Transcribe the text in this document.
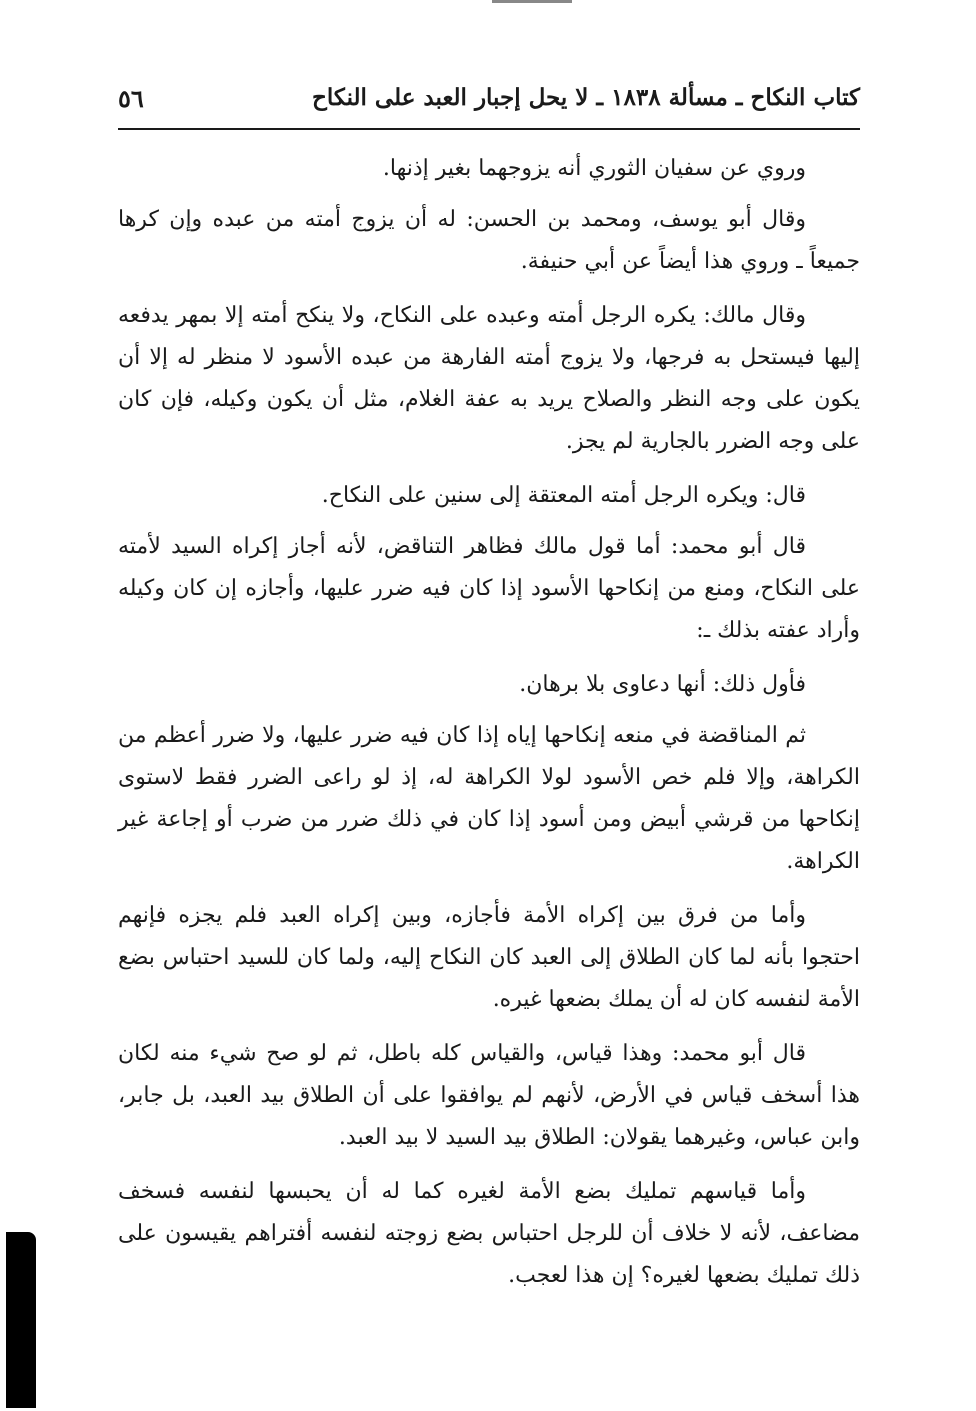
كتاب النكاح ـ مسألة ١٨٣٨ ـ لا يحل إجبار العبد على النكاح
٥٦

وروي عن سفيان الثوري أنه يزوجهما بغير إذنها.

وقال أبو يوسف، ومحمد بن الحسن: له أن يزوج أمته من عبده وإن كرها جميعاً ـ وروي هذا أيضاً عن أبي حنيفة.

وقال مالك: يكره الرجل أمته وعبده على النكاح، ولا ينكح أمته إلا بمهر يدفعه إليها فيستحل به فرجها، ولا يزوج أمته الفارهة من عبده الأسود لا منظر له إلا أن يكون على وجه النظر والصلاح يريد به عفة الغلام، مثل أن يكون وكيله، فإن كان على وجه الضرر بالجارية لم يجز.

قال: ويكره الرجل أمته المعتقة إلى سنين على النكاح.

قال أبو محمد: أما قول مالك فظاهر التناقض، لأنه أجاز إكراه السيد لأمته على النكاح، ومنع من إنكاحها الأسود إذا كان فيه ضرر عليها، وأجازه إن كان وكيله وأراد عفته بذلك ـ:

فأول ذلك: أنها دعاوى بلا برهان.

ثم المناقضة في منعه إنكاحها إياه إذا كان فيه ضرر عليها، ولا ضرر أعظم من الكراهة، وإلا فلم خص الأسود لولا الكراهة له، إذ لو راعى الضرر فقط لاستوى إنكاحها من قرشي أبيض ومن أسود إذا كان في ذلك ضرر من ضرب أو إجاعة غير الكراهة.

وأما من فرق بين إكراه الأمة فأجازه، وبين إكراه العبد فلم يجزه فإنهم احتجوا بأنه لما كان الطلاق إلى العبد كان النكاح إليه، ولما كان للسيد احتباس بضع الأمة لنفسه كان له أن يملك بضعها غيره.

قال أبو محمد: وهذا قياس، والقياس كله باطل، ثم لو صح شيء منه لكان هذا أسخف قياس في الأرض، لأنهم لم يوافقوا على أن الطلاق بيد العبد، بل جابر، وابن عباس، وغيرهما يقولان: الطلاق بيد السيد لا بيد العبد.

وأما قياسهم تمليك بضع الأمة لغيره كما له أن يحبسها لنفسه فسخف مضاعف، لأنه لا خلاف أن للرجل احتباس بضع زوجته لنفسه أفتراهم يقيسون على ذلك تمليك بضعها لغيره؟ إن هذا لعجب.
